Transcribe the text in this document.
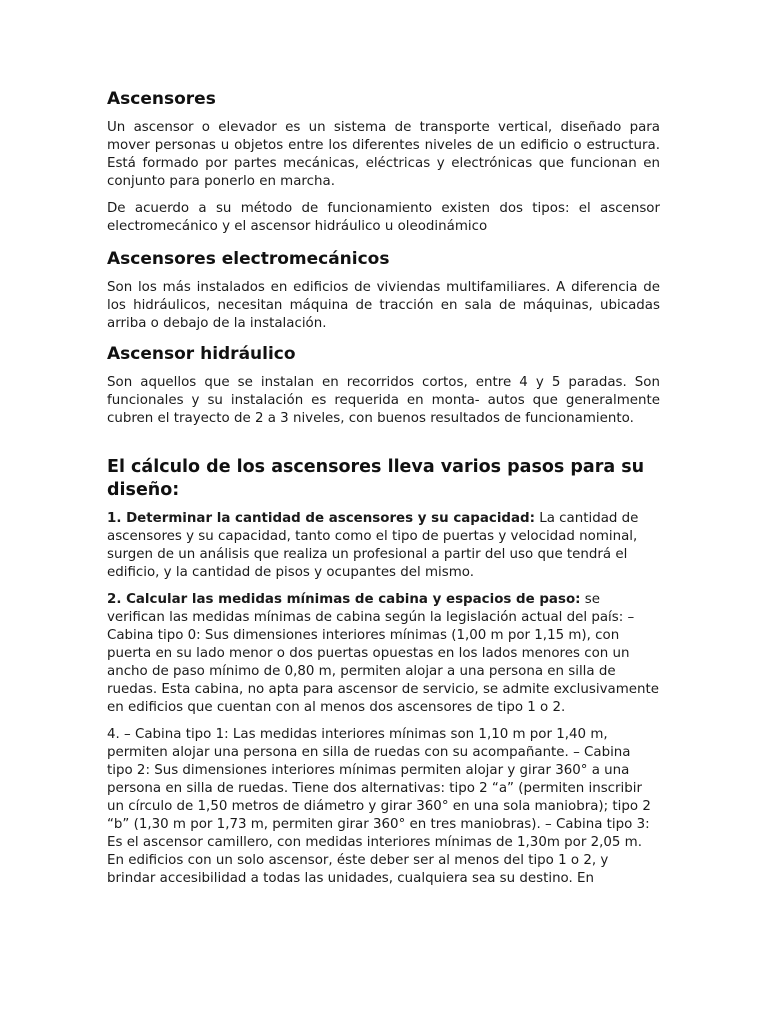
Ascensores

Un ascensor o elevador es un sistema de transporte vertical, diseñado para mover personas u objetos entre los diferentes niveles de un edificio o estructura. Está formado por partes mecánicas, eléctricas y electrónicas que funcionan en conjunto para ponerlo en marcha.

De acuerdo a su método de funcionamiento existen dos tipos: el ascensor electromecánico y el ascensor hidráulico u oleodinámico

Ascensores electromecánicos

Son los más instalados en edificios de viviendas multifamiliares. A diferencia de los hidráulicos, necesitan máquina de tracción en sala de máquinas, ubicadas arriba o debajo de la instalación.

Ascensor hidráulico

Son aquellos que se instalan en recorridos cortos, entre 4 y 5 paradas. Son funcionales y su instalación es requerida en monta- autos que generalmente cubren el trayecto de 2 a 3 niveles, con buenos resultados de funcionamiento.

El cálculo de los ascensores lleva varios pasos para su diseño:

1. Determinar la cantidad de ascensores y su capacidad: La cantidad de ascensores y su capacidad, tanto como el tipo de puertas y velocidad nominal, surgen de un análisis que realiza un profesional a partir del uso que tendrá el edificio, y la cantidad de pisos y ocupantes del mismo.

2. Calcular las medidas mínimas de cabina y espacios de paso: se verifican las medidas mínimas de cabina según la legislación actual del país: – Cabina tipo 0: Sus dimensiones interiores mínimas (1,00 m por 1,15 m), con puerta en su lado menor o dos puertas opuestas en los lados menores con un ancho de paso mínimo de 0,80 m, permiten alojar a una persona en silla de ruedas. Esta cabina, no apta para ascensor de servicio, se admite exclusivamente en edificios que cuentan con al menos dos ascensores de tipo 1 o 2.

4. – Cabina tipo 1: Las medidas interiores mínimas son 1,10 m por 1,40 m, permiten alojar una persona en silla de ruedas con su acompañante. – Cabina tipo 2: Sus dimensiones interiores mínimas permiten alojar y girar 360° a una persona en silla de ruedas. Tiene dos alternativas: tipo 2 “a” (permiten inscribir un círculo de 1,50 metros de diámetro y girar 360° en una sola maniobra); tipo 2 “b” (1,30 m por 1,73 m, permiten girar 360° en tres maniobras). – Cabina tipo 3: Es el ascensor camillero, con medidas interiores mínimas de 1,30m por 2,05 m. En edificios con un solo ascensor, éste deber ser al menos del tipo 1 o 2, y brindar accesibilidad a todas las unidades, cualquiera sea su destino. En
